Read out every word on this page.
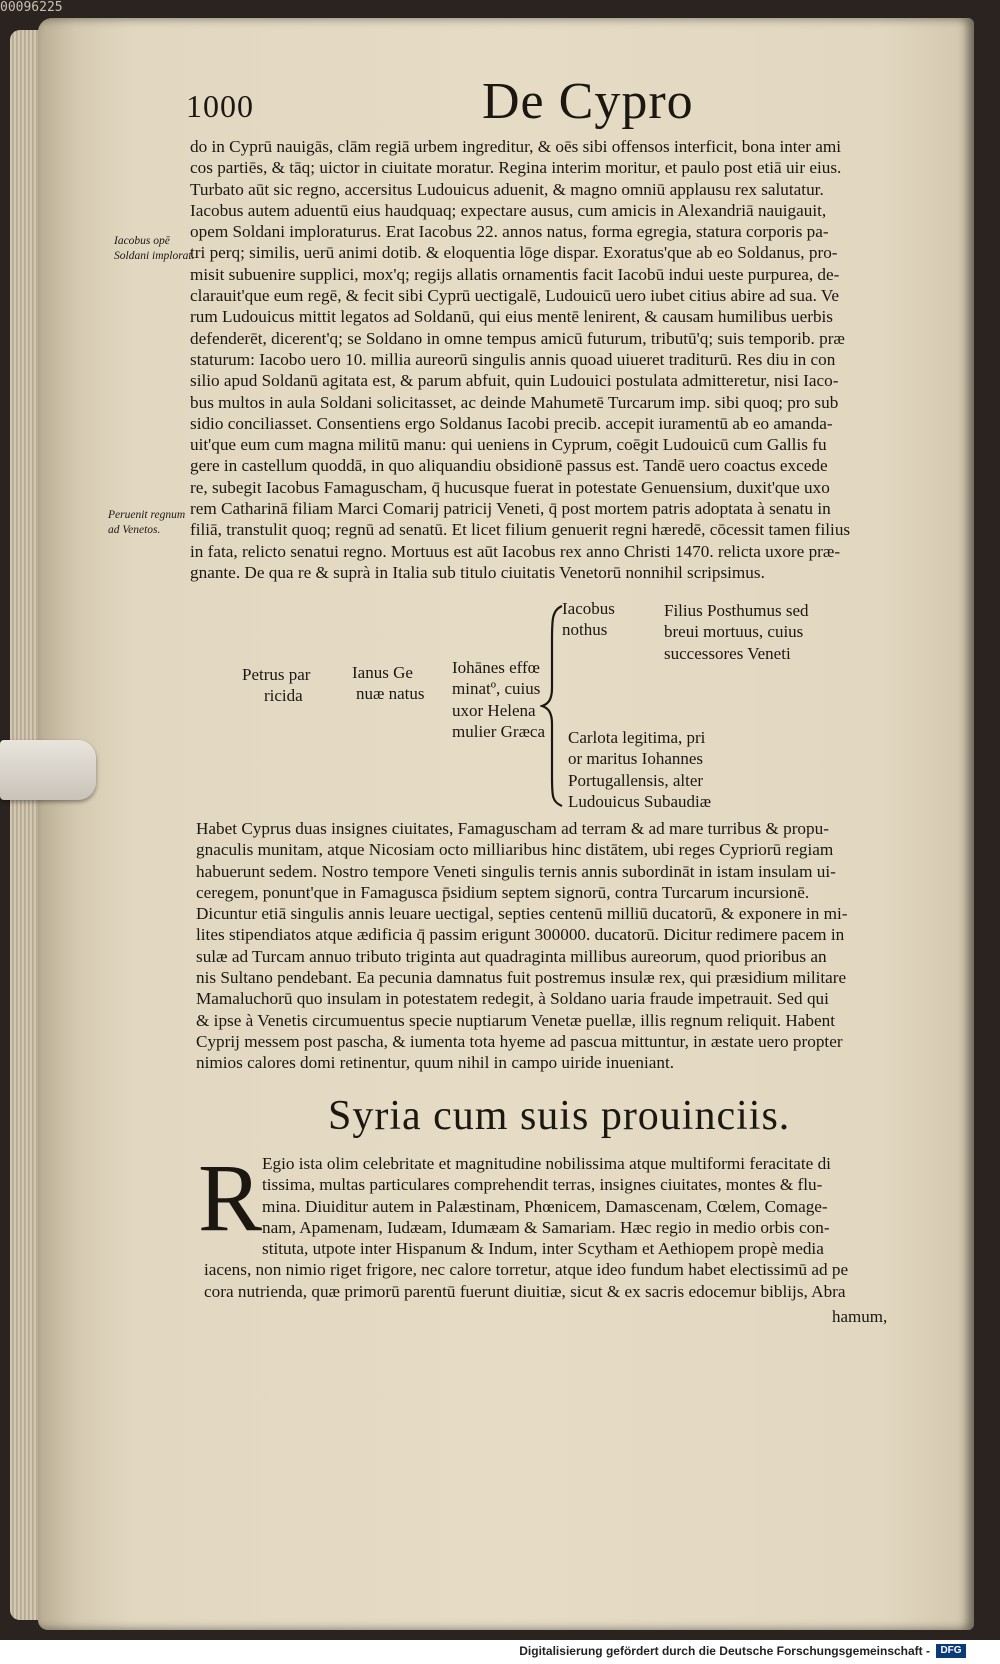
00096225
1000	De Cypro
Iacobus opē Soldani implorat.
Peruenit regnum ad Venetos.
do in Cyprū nauigās, clām regiā urbem ingreditur, & oēs sibi offensos interficit, bona inter ami
cos partiēs, & tāq; uictor in ciuitate moratur. Regina interim moritur, et paulo post etiā uir eius.
Turbato aūt sic regno, accersitus Ludouicus aduenit, & magno omniū applausu rex salutatur.
Iacobus autem aduentū eius haudquaq; expectare ausus, cum amicis in Alexandriā nauigauit,
opem Soldani imploraturus. Erat Iacobus 22. annos natus, forma egregia, statura corporis pa-
tri perq; similis, uerū animi dotib. & eloquentia lōge dispar. Exoratus'que ab eo Soldanus, pro-
misit subuenire supplici, mox'q; regijs allatis ornamentis facit Iacobū indui ueste purpurea, de-
clarauit'que eum regē, & fecit sibi Cyprū uectigalē, Ludouicū uero iubet citius abire ad sua. Ve
rum Ludouicus mittit legatos ad Soldanū, qui eius mentē lenirent, & causam humilibus uerbis
defenderēt, dicerent'q; se Soldano in omne tempus amicū futurum, tributū'q; suis temporib. præ
staturum: Iacobo uero 10. millia aureorū singulis annis quoad uiueret traditurū. Res diu in con
silio apud Soldanū agitata est, & parum abfuit, quin Ludouici postulata admitteretur, nisi Iaco-
bus multos in aula Soldani solicitasset, ac deinde Mahumetē Turcarum imp. sibi quoq; pro sub
sidio conciliasset. Consentiens ergo Soldanus Iacobi precib. accepit iuramentū ab eo amanda-
uit'que eum cum magna militū manu: qui ueniens in Cyprum, coēgit Ludouicū cum Gallis fu
gere in castellum quoddā, in quo aliquandiu obsidionē passus est. Tandē uero coactus excede
re, subegit Iacobus Famaguscham, q̄ hucusque fuerat in potestate Genuensium, duxit'que uxo
rem Catharinā filiam Marci Comarij patricij Veneti, q̄ post mortem patris adoptata à senatu in
filiā, transtulit quoq; regnū ad senatū. Et licet filium genuerit regni hæredē, cōcessit tamen filius
in fata, relicto senatui regno. Mortuus est aūt Iacobus rex anno Christi 1470. relicta uxore præ-
gnante. De qua re & suprà in Italia sub titulo ciuitatis Venetorū nonnihil scripsimus.
Petrus par
ricida
Ianus Ge
nuæ natus
Iohānes effœ
minatº, cuius
uxor Helena
mulier Græca
Iacobus
nothus
Filius Posthumus sed
breui mortuus, cuius
successores Veneti
Carlota legitima, pri
or maritus Iohannes
Portugallensis, alter
Ludouicus Subaudiæ
Habet Cyprus duas insignes ciuitates, Famaguscham ad terram & ad mare turribus & propu-
gnaculis munitam, atque Nicosiam octo milliaribus hinc distātem, ubi reges Cypriorū regiam
habuerunt sedem. Nostro tempore Veneti singulis ternis annis subordināt in istam insulam ui-
ceregem, ponunt'que in Famagusca p̄sidium septem signorū, contra Turcarum incursionē.
Dicuntur etiā singulis annis leuare uectigal, septies centenū milliū ducatorū, & exponere in mi-
lites stipendiatos atque ædificia q̄ passim erigunt 300000. ducatorū. Dicitur redimere pacem in
sulæ ad Turcam annuo tributo triginta aut quadraginta millibus aureorum, quod prioribus an
nis Sultano pendebant. Ea pecunia damnatus fuit postremus insulæ rex, qui præsidium militare
Mamaluchorū quo insulam in potestatem redegit, à Soldano uaria fraude impetrauit. Sed qui
& ipse à Venetis circumuentus specie nuptiarum Venetæ puellæ, illis regnum reliquit. Habent
Cyprij messem post pascha, & iumenta tota hyeme ad pascua mittuntur, in æstate uero propter
nimios calores domi retinentur, quum nihil in campo uiride inueniant.
Syria cum suis prouinciis.
R Egio ista olim celebritate et magnitudine nobilissima atque multiformi feracitate di
tissima, multas particulares comprehendit terras, insignes ciuitates, montes & flu-
mina. Diuiditur autem in Palæstinam, Phœnicem, Damascenam, Cœlem, Comage-
nam, Apamenam, Iudæam, Idumæam & Samariam. Hæc regio in medio orbis con-
stituta, utpote inter Hispanum & Indum, inter Scytham et Aethiopem propè media
iacens, non nimio riget frigore, nec calore torretur, atque ideo fundum habet electissimū ad pe
cora nutrienda, quæ primorū parentū fuerunt diuitiæ, sicut & ex sacris edocemur biblijs, Abra
hamum,
Digitalisierung gefördert durch die Deutsche Forschungsgemeinschaft -	DFG
